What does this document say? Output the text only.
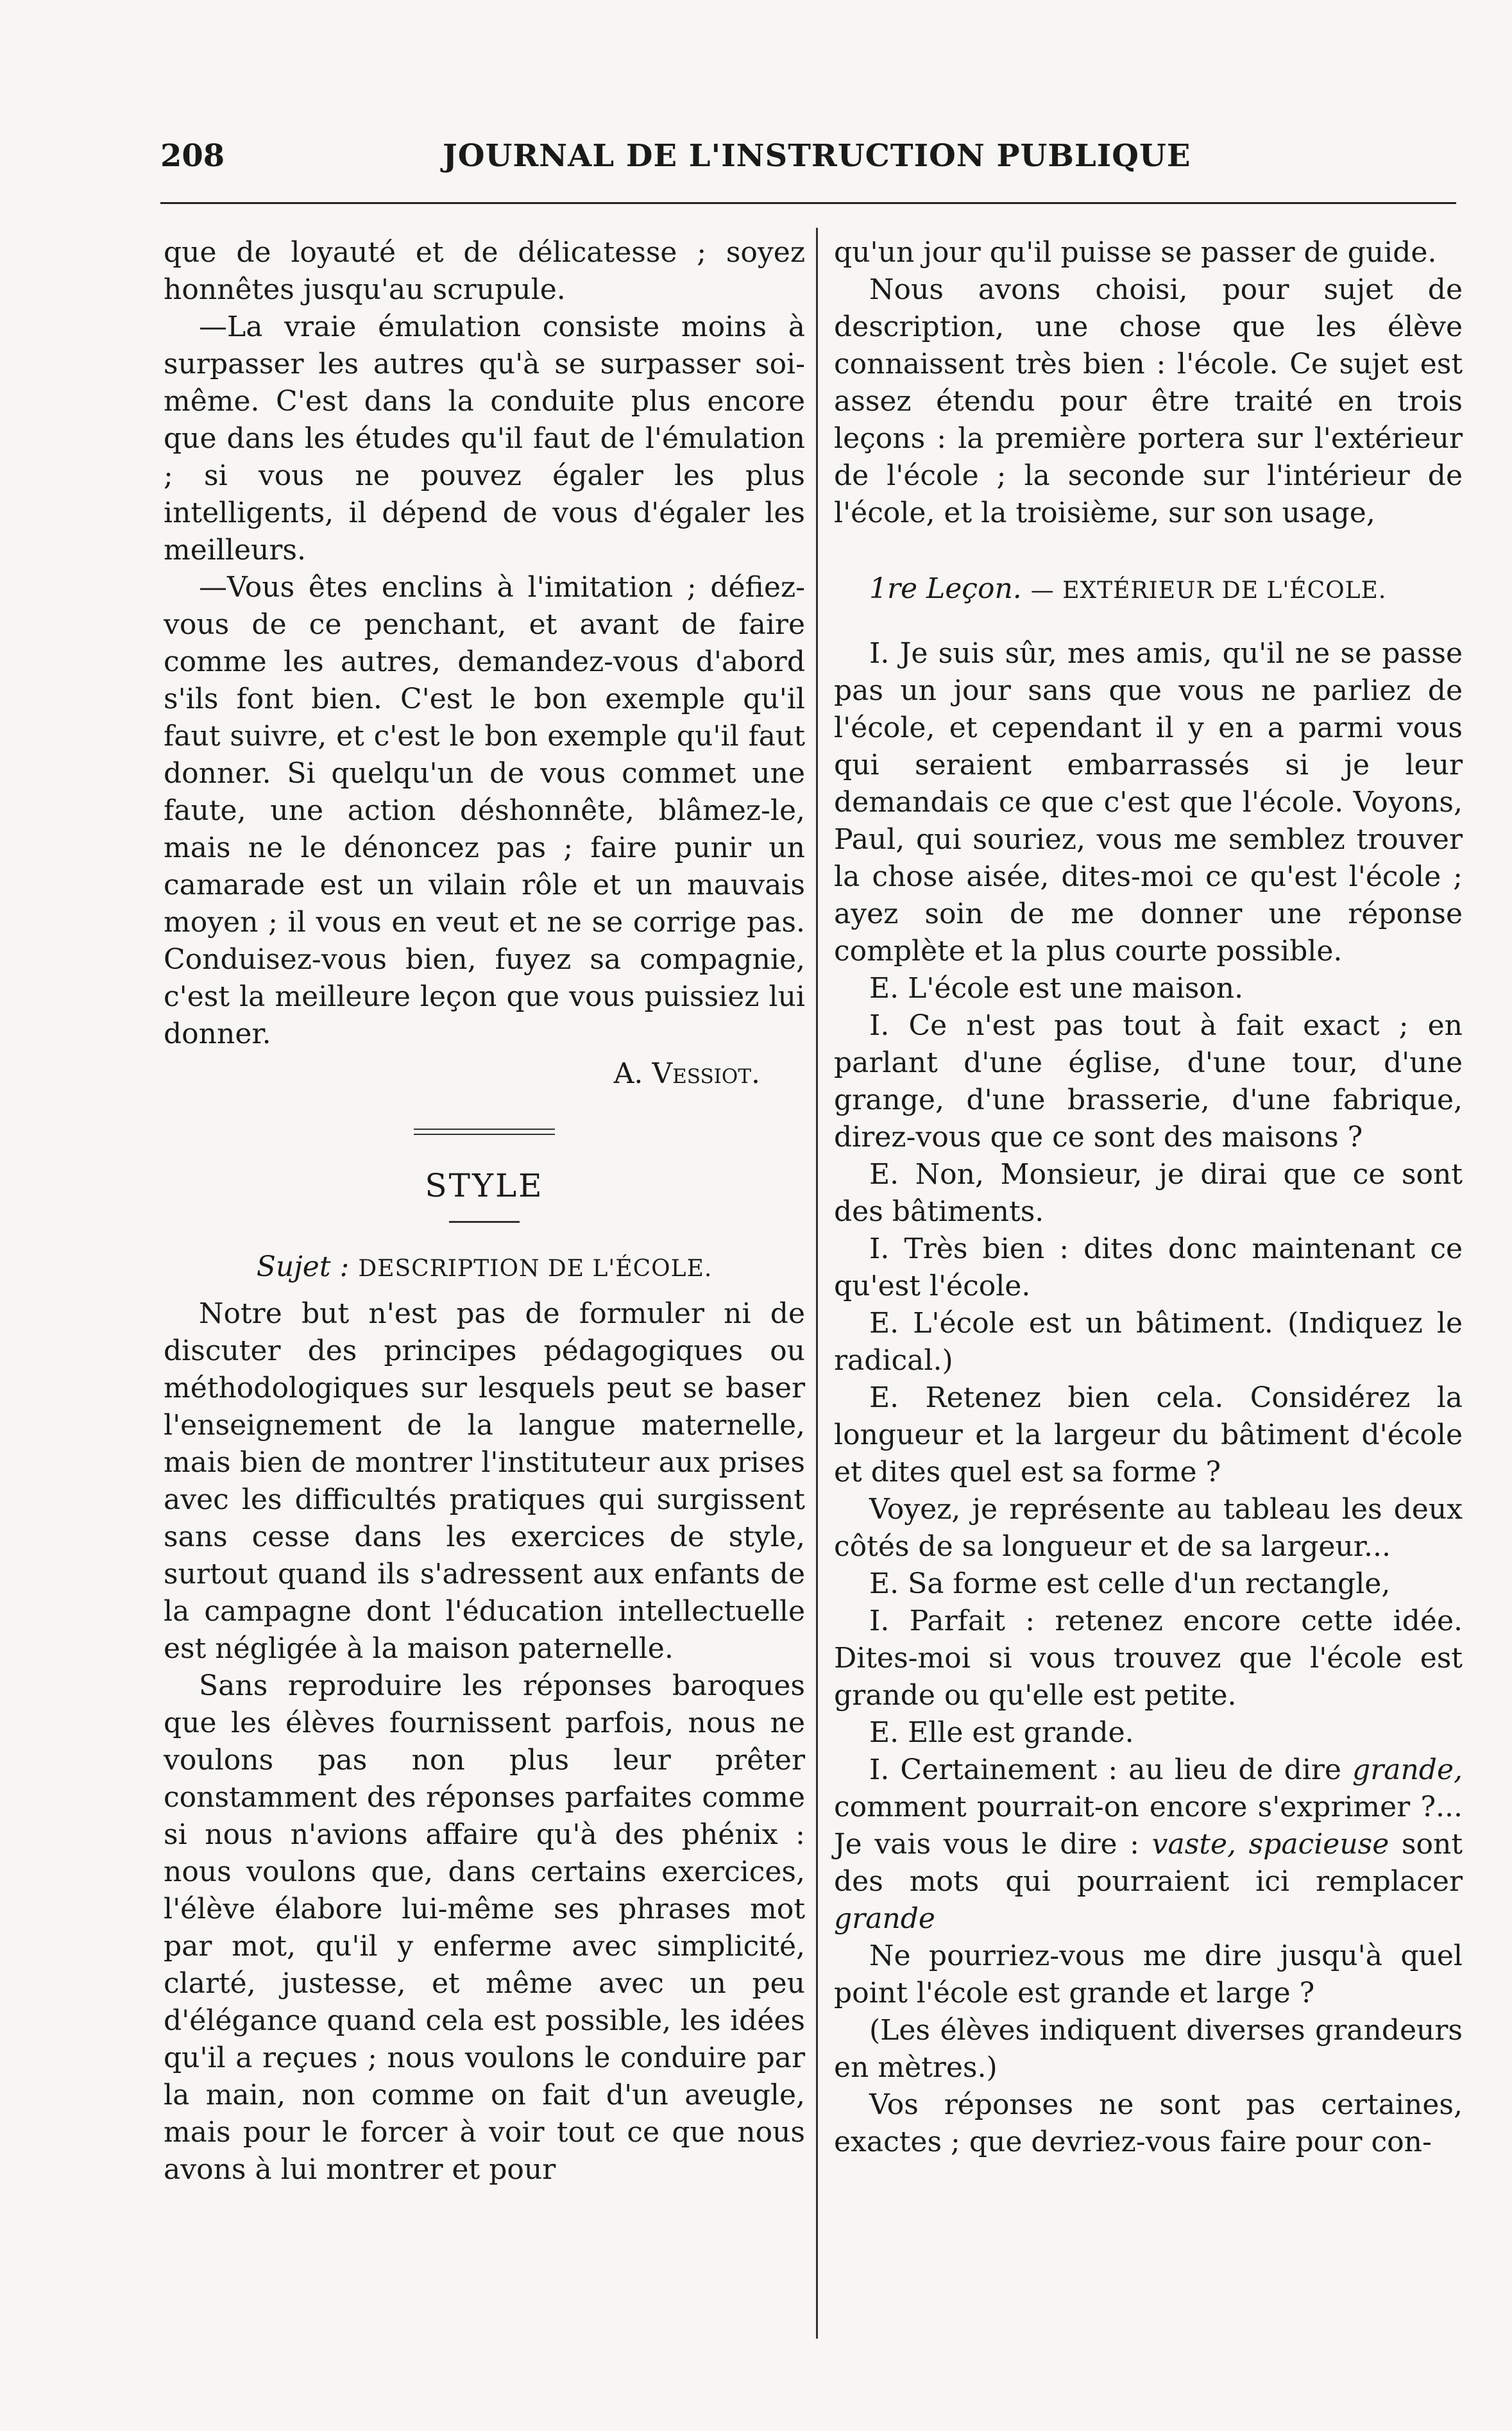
208	JOURNAL DE L'INSTRUCTION PUBLIQUE

que de loyauté et de délicatesse ; soyez honnêtes jusqu'au scrupule.

—La vraie émulation consiste moins à surpasser les autres qu'à se surpasser soi-même. C'est dans la conduite plus encore que dans les études qu'il faut de l'émulation ; si vous ne pouvez égaler les plus intelligents, il dépend de vous d'égaler les meilleurs.

—Vous êtes enclins à l'imitation ; défiez-vous de ce penchant, et avant de faire comme les autres, demandez-vous d'abord s'ils font bien. C'est le bon exemple qu'il faut suivre, et c'est le bon exemple qu'il faut donner. Si quelqu'un de vous commet une faute, une action déshonnête, blâmez-le, mais ne le dénoncez pas ; faire punir un camarade est un vilain rôle et un mauvais moyen ; il vous en veut et ne se corrige pas. Conduisez-vous bien, fuyez sa compagnie, c'est la meilleure leçon que vous puissiez lui donner.

A. Vessiot.

STYLE

Sujet : DESCRIPTION DE L'ÉCOLE.

Notre but n'est pas de formuler ni de discuter des principes pédagogiques ou méthodologiques sur lesquels peut se baser l'enseignement de la langue maternelle, mais bien de montrer l'instituteur aux prises avec les difficultés pratiques qui surgissent sans cesse dans les exercices de style, surtout quand ils s'adressent aux enfants de la campagne dont l'éducation intellectuelle est négligée à la maison paternelle.

Sans reproduire les réponses baroques que les élèves fournissent parfois, nous ne voulons pas non plus leur prêter constamment des réponses parfaites comme si nous n'avions affaire qu'à des phénix : nous voulons que, dans certains exercices, l'élève élabore lui-même ses phrases mot par mot, qu'il y enferme avec simplicité, clarté, justesse, et même avec un peu d'élégance quand cela est possible, les idées qu'il a reçues ; nous voulons le conduire par la main, non comme on fait d'un aveugle, mais pour le forcer à voir tout ce que nous avons à lui montrer et pour

qu'un jour qu'il puisse se passer de guide.

Nous avons choisi, pour sujet de description, une chose que les élève connaissent très bien : l'école. Ce sujet est assez étendu pour être traité en trois leçons : la première portera sur l'extérieur de l'école ; la seconde sur l'intérieur de l'école, et la troisième, sur son usage,

1re Leçon. — EXTÉRIEUR DE L'ÉCOLE.

I. Je suis sûr, mes amis, qu'il ne se passe pas un jour sans que vous ne parliez de l'école, et cependant il y en a parmi vous qui seraient embarrassés si je leur demandais ce que c'est que l'école. Voyons, Paul, qui souriez, vous me semblez trouver la chose aisée, dites-moi ce qu'est l'école ; ayez soin de me donner une réponse complète et la plus courte possible.

E. L'école est une maison.

I. Ce n'est pas tout à fait exact ; en parlant d'une église, d'une tour, d'une grange, d'une brasserie, d'une fabrique, direz-vous que ce sont des maisons ?

E. Non, Monsieur, je dirai que ce sont des bâtiments.

I. Très bien : dites donc maintenant ce qu'est l'école.

E. L'école est un bâtiment. (Indiquez le radical.)

E. Retenez bien cela. Considérez la longueur et la largeur du bâtiment d'école et dites quel est sa forme ?

Voyez, je représente au tableau les deux côtés de sa longueur et de sa largeur...

E. Sa forme est celle d'un rectangle,

I. Parfait : retenez encore cette idée. Dites-moi si vous trouvez que l'école est grande ou qu'elle est petite.

E. Elle est grande.

I. Certainement : au lieu de dire grande, comment pourrait-on encore s'exprimer ?... Je vais vous le dire : vaste, spacieuse sont des mots qui pourraient ici remplacer grande

Ne pourriez-vous me dire jusqu'à quel point l'école est grande et large ?

(Les élèves indiquent diverses grandeurs en mètres.)

Vos réponses ne sont pas certaines, exactes ; que devriez-vous faire pour con-
